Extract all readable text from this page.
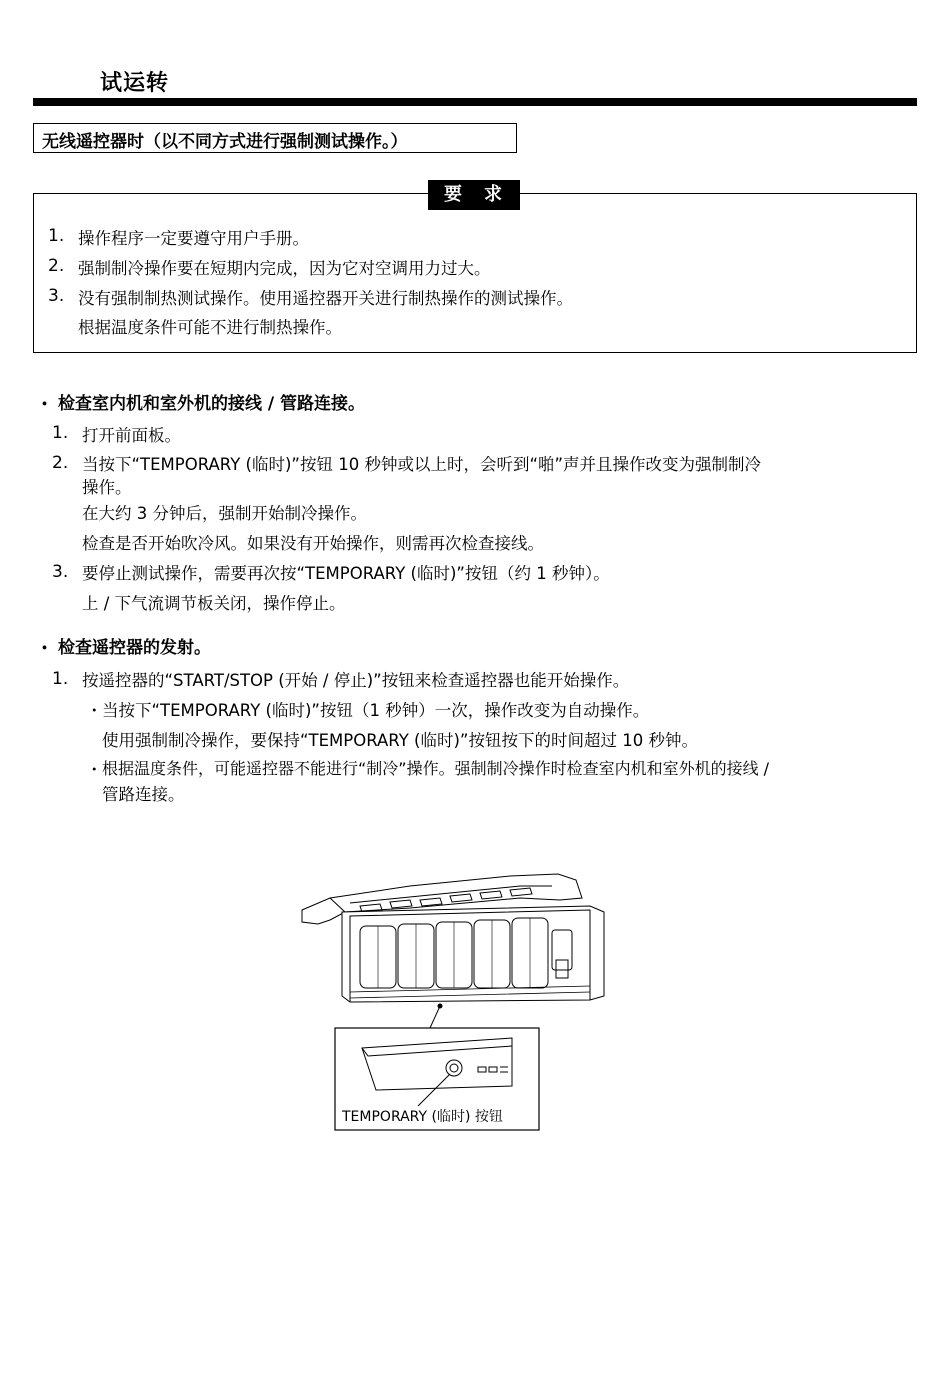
试运转
无线遥控器时（以不同方式进行强制测试操作。）
要　求
1. 操作程序一定要遵守用户手册。
2. 强制制冷操作要在短期内完成，因为它对空调用力过大。
3. 没有强制制热测试操作。使用遥控器开关进行制热操作的测试操作。
根据温度条件可能不进行制热操作。
・ 检查室内机和室外机的接线 / 管路连接。
1. 打开前面板。
2. 当按下“TEMPORARY (临时)”按钮 10 秒钟或以上时，会听到“啪”声并且操作改变为强制制冷
操作。
在大约 3 分钟后，强制开始制冷操作。
检查是否开始吹冷风。如果没有开始操作，则需再次检查接线。
3. 要停止测试操作，需要再次按“TEMPORARY (临时)”按钮（约 1 秒钟）。
上 / 下气流调节板关闭，操作停止。
・ 检查遥控器的发射。
1. 按遥控器的“START/STOP (开始 / 停止)”按钮来检查遥控器也能开始操作。
・ 当按下“TEMPORARY (临时)”按钮（1 秒钟）一次，操作改变为自动操作。
使用强制制冷操作，要保持“TEMPORARY (临时)”按钮按下的时间超过 10 秒钟。
・ 根据温度条件，可能遥控器不能进行“制冷”操作。强制制冷操作时检查室内机和室外机的接线 /
管路连接。
TEMPORARY (临时) 按钮
